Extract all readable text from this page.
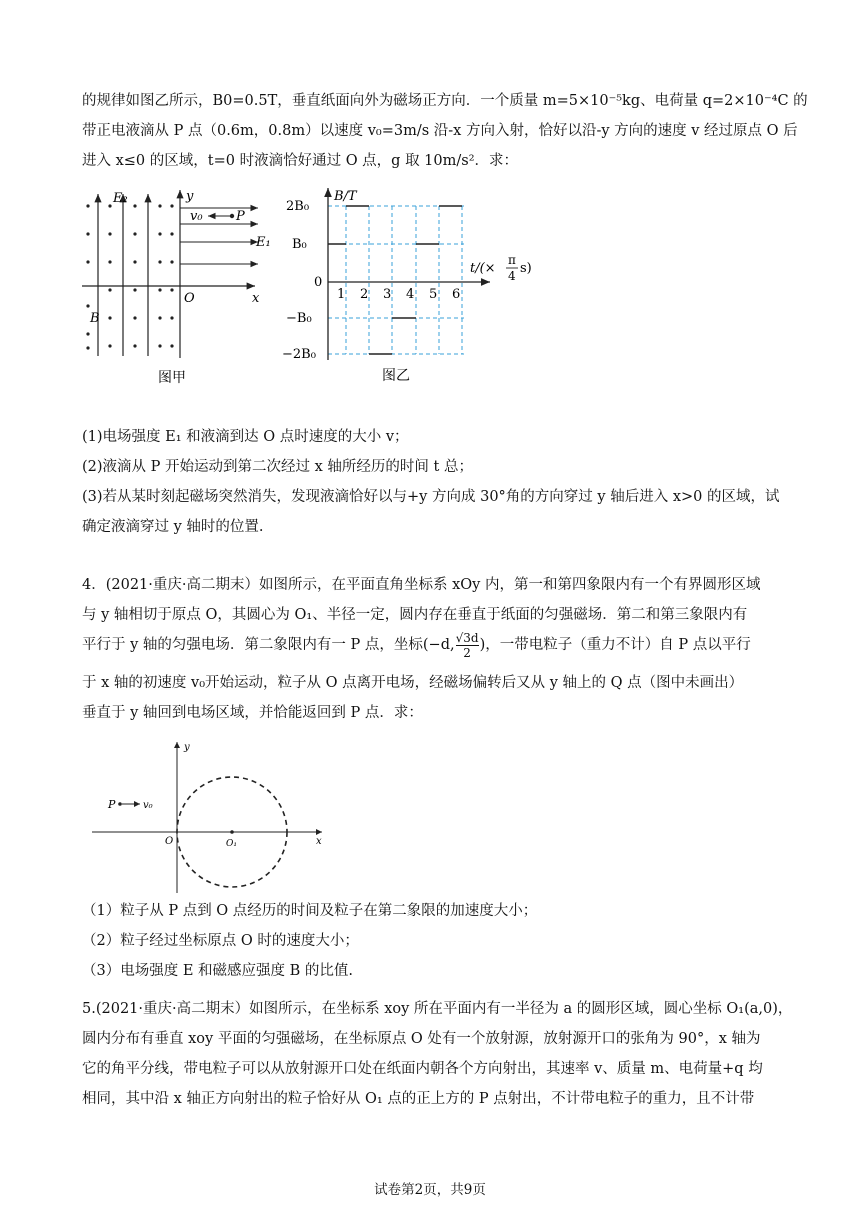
的规律如图乙所示，B0=0.5T，垂直纸面向外为磁场正方向．一个质量 m=5×10⁻⁵kg、电荷量 q=2×10⁻⁴C 的
带正电液滴从 P 点（0.6m，0.8m）以速度 v₀=3m/s 沿-x 方向入射，恰好以沿-y 方向的速度 v 经过原点 O 后
进入 x≤0 的区域，t=0 时液滴恰好通过 O 点，g 取 10m/s²．求：
E₂	y
v₀	P
E₁
O	x
B
图甲
B/T
2B₀
B₀
0
−B₀
−2B₀
1 2 3 4 5 6
t/(×
π
4 s)
图乙
(1)电场强度 E₁ 和液滴到达 O 点时速度的大小 v；
(2)液滴从 P 开始运动到第二次经过 x 轴所经历的时间 t 总；
(3)若从某时刻起磁场突然消失，发现液滴恰好以与+y 方向成 30°角的方向穿过 y 轴后进入 x>0 的区域，试
确定液滴穿过 y 轴时的位置.
4．(2021·重庆·高二期末）如图所示，在平面直角坐标系 xOy 内，第一和第四象限内有一个有界圆形区域
与 y 轴相切于原点 O，其圆心为 O₁、半径一定，圆内存在垂直于纸面的匀强磁场．第二和第三象限内有
平行于 y 轴的匀强电场．第二象限内有一 P 点，坐标(−d, $\frac{√3d}{2}$ )，一带电粒子（重力不计）自 P 点以平行
于 x 轴的初速度 v₀开始运动，粒子从 O 点离开电场，经磁场偏转后又从 y 轴上的 Q 点（图中未画出）
垂直于 y 轴回到电场区域，并恰能返回到 P 点．求：
y
P	v₀
O	O₁	x
（1）粒子从 P 点到 O 点经历的时间及粒子在第二象限的加速度大小；
（2）粒子经过坐标原点 O 时的速度大小；
（3）电场强度 E 和磁感应强度 B 的比值.
5.(2021·重庆·高二期末）如图所示，在坐标系 xoy 所在平面内有一半径为 a 的圆形区域，圆心坐标 O₁(a,0)，
圆内分布有垂直 xoy 平面的匀强磁场，在坐标原点 O 处有一个放射源，放射源开口的张角为 90°，x 轴为
它的角平分线，带电粒子可以从放射源开口处在纸面内朝各个方向射出，其速率 v、质量 m、电荷量+q 均
相同，其中沿 x 轴正方向射出的粒子恰好从 O₁ 点的正上方的 P 点射出，不计带电粒子的重力，且不计带
试卷第2页，共9页
